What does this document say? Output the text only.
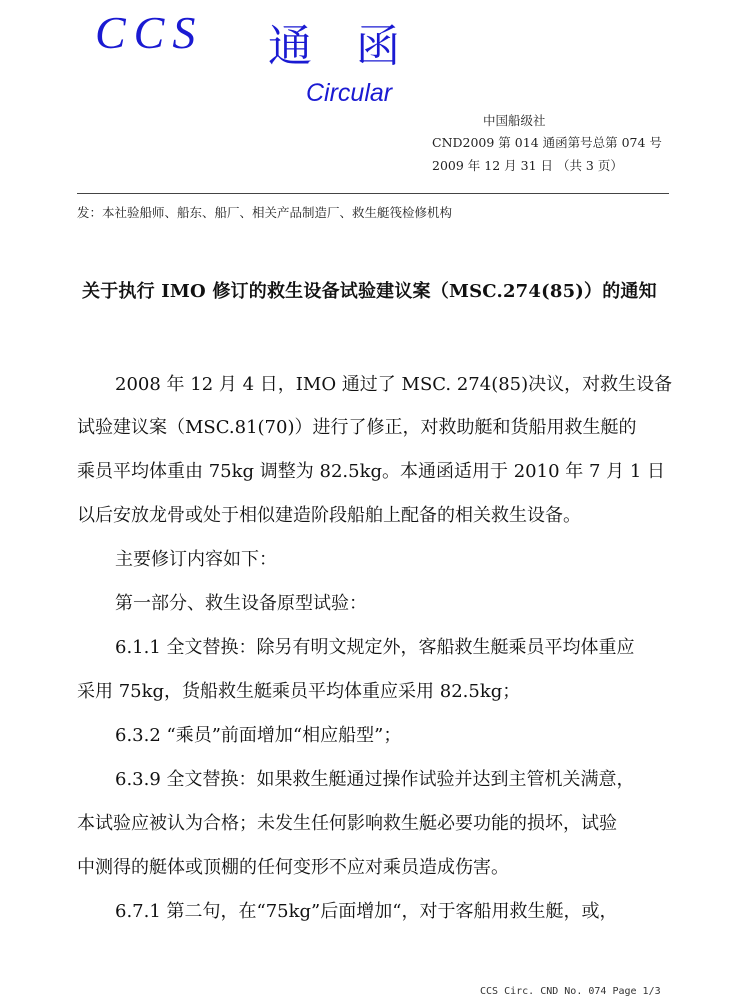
CCS 通函
Circular
中国船级社
CND2009 第 014 通函第号总第 074 号
2009 年 12 月 31 日 （共 3 页）
发：本社验船师、船东、船厂、相关产品制造厂、救生艇筏检修机构
关于执行 IMO 修订的救生设备试验建议案（MSC.274(85)）的通知
2008 年 12 月 4 日，IMO 通过了 MSC. 274(85)决议，对救生设备
试验建议案（MSC.81(70)）进行了修正，对救助艇和货船用救生艇的
乘员平均体重由 75kg 调整为 82.5kg。本通函适用于 2010 年 7 月 1 日
以后安放龙骨或处于相似建造阶段船舶上配备的相关救生设备。
主要修订内容如下：
第一部分、救生设备原型试验：
6.1.1 全文替换：除另有明文规定外，客船救生艇乘员平均体重应
采用 75kg，货船救生艇乘员平均体重应采用 82.5kg；
6.3.2 “乘员”前面增加“相应船型”；
6.3.9 全文替换：如果救生艇通过操作试验并达到主管机关满意，
本试验应被认为合格；未发生任何影响救生艇必要功能的损坏，试验
中测得的艇体或顶棚的任何变形不应对乘员造成伤害。
6.7.1 第二句，在“75kg”后面增加“，对于客船用救生艇，或，
CCS Circ. CND No. 074 Page 1/3
